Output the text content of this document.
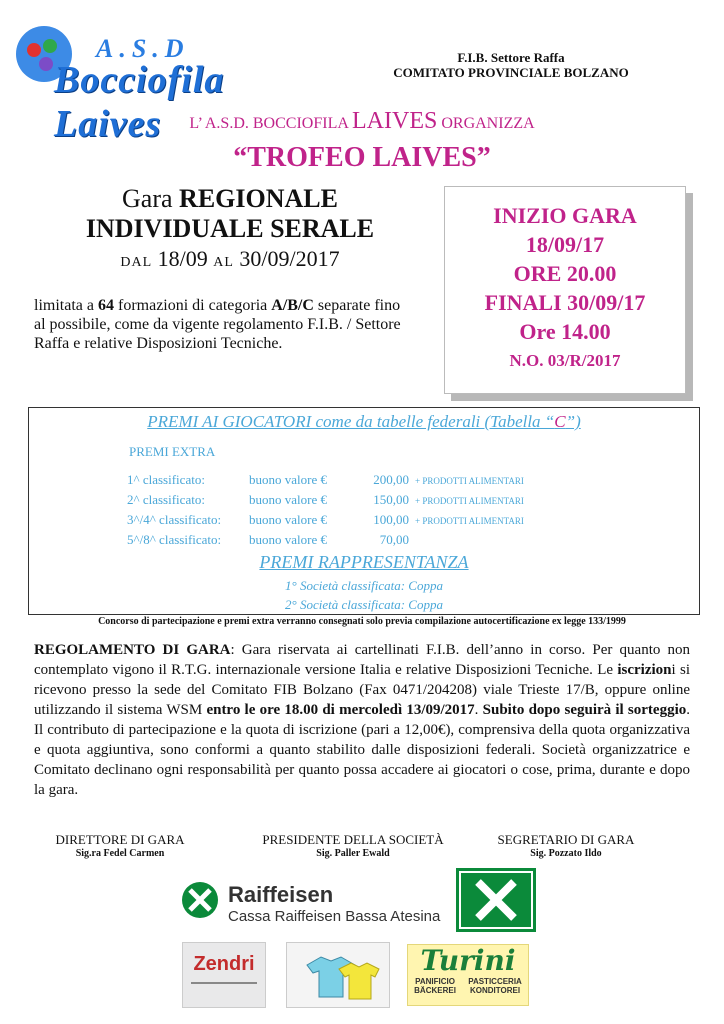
A.S.D
Bocciofila Laives
F.I.B. Settore Raffa
COMITATO PROVINCIALE BOLZANO
L’ A.S.D. BOCCIOFILA LAIVES ORGANIZZA
“TROFEO LAIVES”
Gara REGIONALE
INDIVIDUALE SERALE
DAL 18/09 AL 30/09/2017
limitata a 64 formazioni di categoria A/B/C separate fino al possibile, come da vigente regolamento F.I.B. / Settore Raffa e relative Disposizioni Tecniche.
INIZIO GARA
18/09/17
ORE 20.00
FINALI 30/09/17
Ore 14.00
N.O. 03/R/2017
PREMI AI GIOCATORI come da tabelle federali (Tabella “C”)
PREMI EXTRA
1^ classificato:	buono valore €	200,00 + PRODOTTI ALIMENTARI
2^ classificato:	buono valore €	150,00 + PRODOTTI ALIMENTARI
3^/4^ classificato: buono valore €	100,00 + PRODOTTI ALIMENTARI
5^/8^ classificato: buono valore €	70,00
PREMI RAPPRESENTANZA
1° Società classificata: Coppa
2° Società classificata: Coppa
Concorso di partecipazione e premi extra verranno consegnati solo previa compilazione autocertificazione ex legge 133/1999
REGOLAMENTO DI GARA: Gara riservata ai cartellinati F.I.B. dell’anno in corso. Per quanto non contemplato vigono il R.T.G. internazionale versione Italia e relative Disposizioni Tecniche. Le iscrizioni si ricevono presso la sede del Comitato FIB Bolzano (Fax 0471/204208) viale Trieste 17/B, oppure online utilizzando il sistema WSM entro le ore 18.00 di mercoledì 13/09/2017. Subito dopo seguirà il sorteggio. Il contributo di partecipazione e la quota di iscrizione (pari a 12,00€), comprensiva della quota organizzativa e quota aggiuntiva, sono conformi a quanto stabilito dalle disposizioni federali. Società organizzatrice e Comitato declinano ogni responsabilità per quanto possa accadere ai giocatori o cose, prima, durante e dopo la gara.
DIRETTORE DI GARA
Sig.ra Fedel Carmen
PRESIDENTE DELLA SOCIETÀ
Sig. Paller Ewald
SEGRETARIO DI GARA
Sig. Pozzato Ildo
Raiffeisen
Cassa Raiffeisen Bassa Atesina
Zendri	Turini
PANIFICIO
BÄCKEREI
PASTICCERIA
KONDITOREI
